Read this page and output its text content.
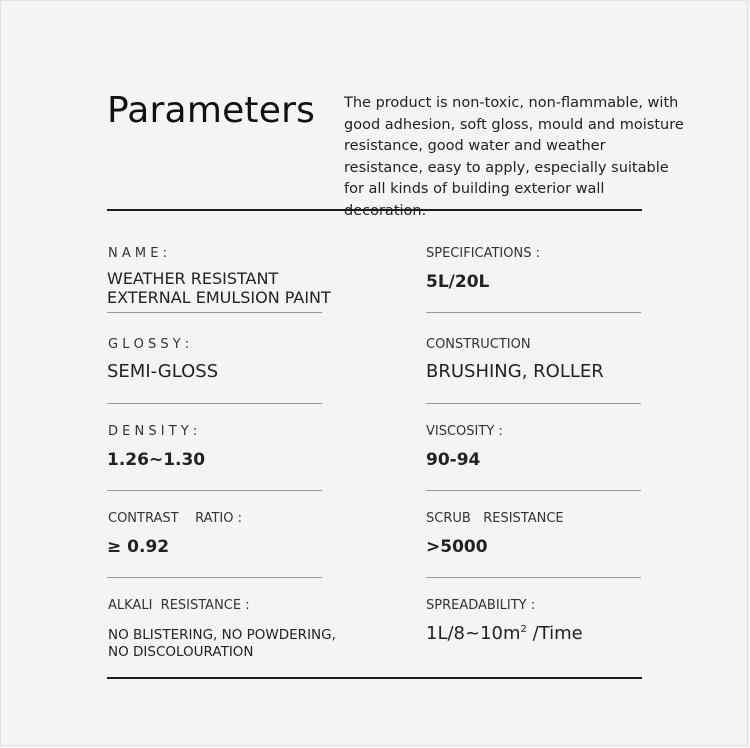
Parameters The product is non-toxic, non-flammable, with good adhesion, soft gloss, mould and moisture resistance, good water and weather resistance, easy to apply, especially suitable for all kinds of building exterior wall
N A M E :
WEATHER RESISTANT
EXTERNAL EMULSION PAINT
SPECIFICATIONS :
5L/20L
G L O S S Y :
SEMI-GLOSS
CONSTRUCTION
BRUSHING, ROLLER
D E N S I T Y :
1.26~1.30
VISCOSITY :
90-94
CONTRAST    RATIO :
≥ 0.92
SCRUB   RESISTANCE
>5000
ALKALI  RESISTANCE :
NO BLISTERING, NO POWDERING,
NO DISCOLOURATION
SPREADABILITY :
$1L/8\sim 10m^2$ /Time
